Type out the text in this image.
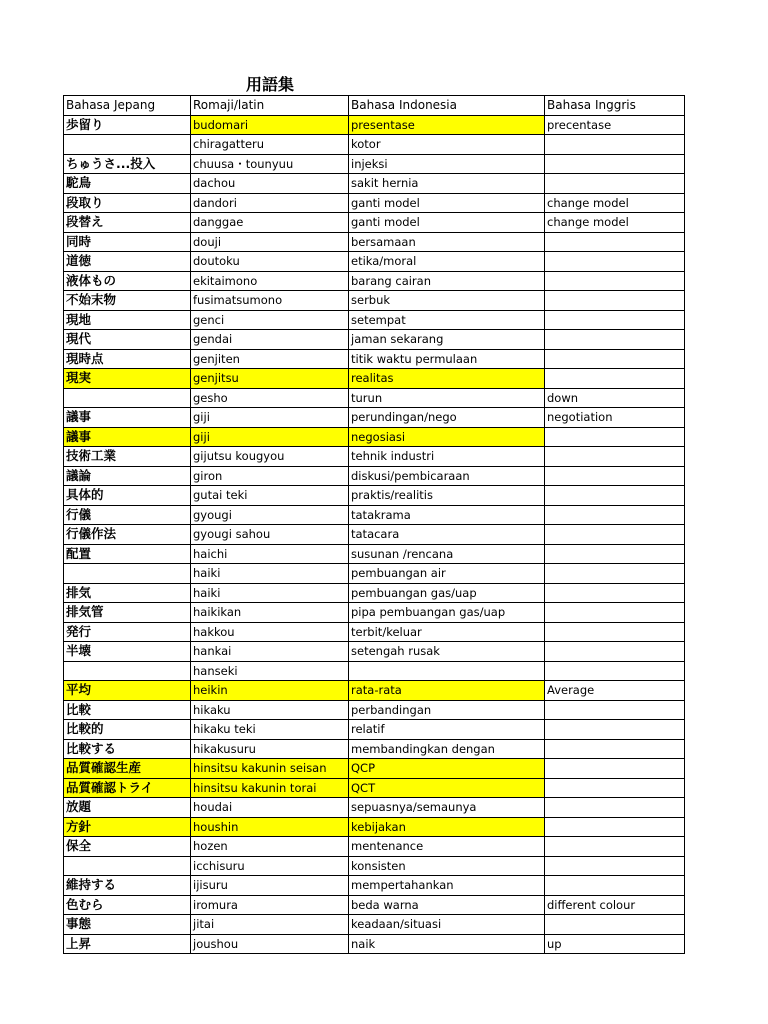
用語集
Bahasa Jepang	Romaji/latin	Bahasa Indonesia	Bahasa Inggris
歩留り	budomari	presentase	precentase
	chiragatteru	kotor	
ちゅうさ...投入	chuusa・tounyuu	injeksi	
駝鳥	dachou	sakit hernia	
段取り	dandori	ganti model	change model
段替え	danggae	ganti model	change model
同時	douji	bersamaan	
道徳	doutoku	etika/moral	
液体もの	ekitaimono	barang cairan	
不始末物	fusimatsumono	serbuk	
現地	genci	setempat	
現代	gendai	jaman sekarang	
現時点	genjiten	titik waktu permulaan	
現実	genjitsu	realitas	
	gesho	turun	down
議事	giji	perundingan/nego	negotiation
議事	giji	negosiasi	
技術工業	gijutsu kougyou	tehnik industri	
議論	giron	diskusi/pembicaraan	
具体的	gutai teki	praktis/realitis	
行儀	gyougi	tatakrama	
行儀作法	gyougi sahou	tatacara	
配置	haichi	susunan /rencana	
	haiki	pembuangan air	
排気	haiki	pembuangan gas/uap	
排気管	haikikan	pipa pembuangan gas/uap	
発行	hakkou	terbit/keluar	
半壊	hankai	setengah rusak	
	hanseki		
平均	heikin	rata-rata	Average
比較	hikaku	perbandingan	
比較的	hikaku teki	relatif	
比較する	hikakusuru	membandingkan dengan	
品質確認生産	hinsitsu kakunin seisan	QCP	
品質確認トライ	hinsitsu kakunin torai	QCT	
放題	houdai	sepuasnya/semaunya	
方針	houshin	kebijakan	
保全	hozen	mentenance	
	icchisuru	konsisten	
維持する	ijisuru	mempertahankan	
色むら	iromura	beda warna	different colour
事態	jitai	keadaan/situasi	
上昇	joushou	naik	up
